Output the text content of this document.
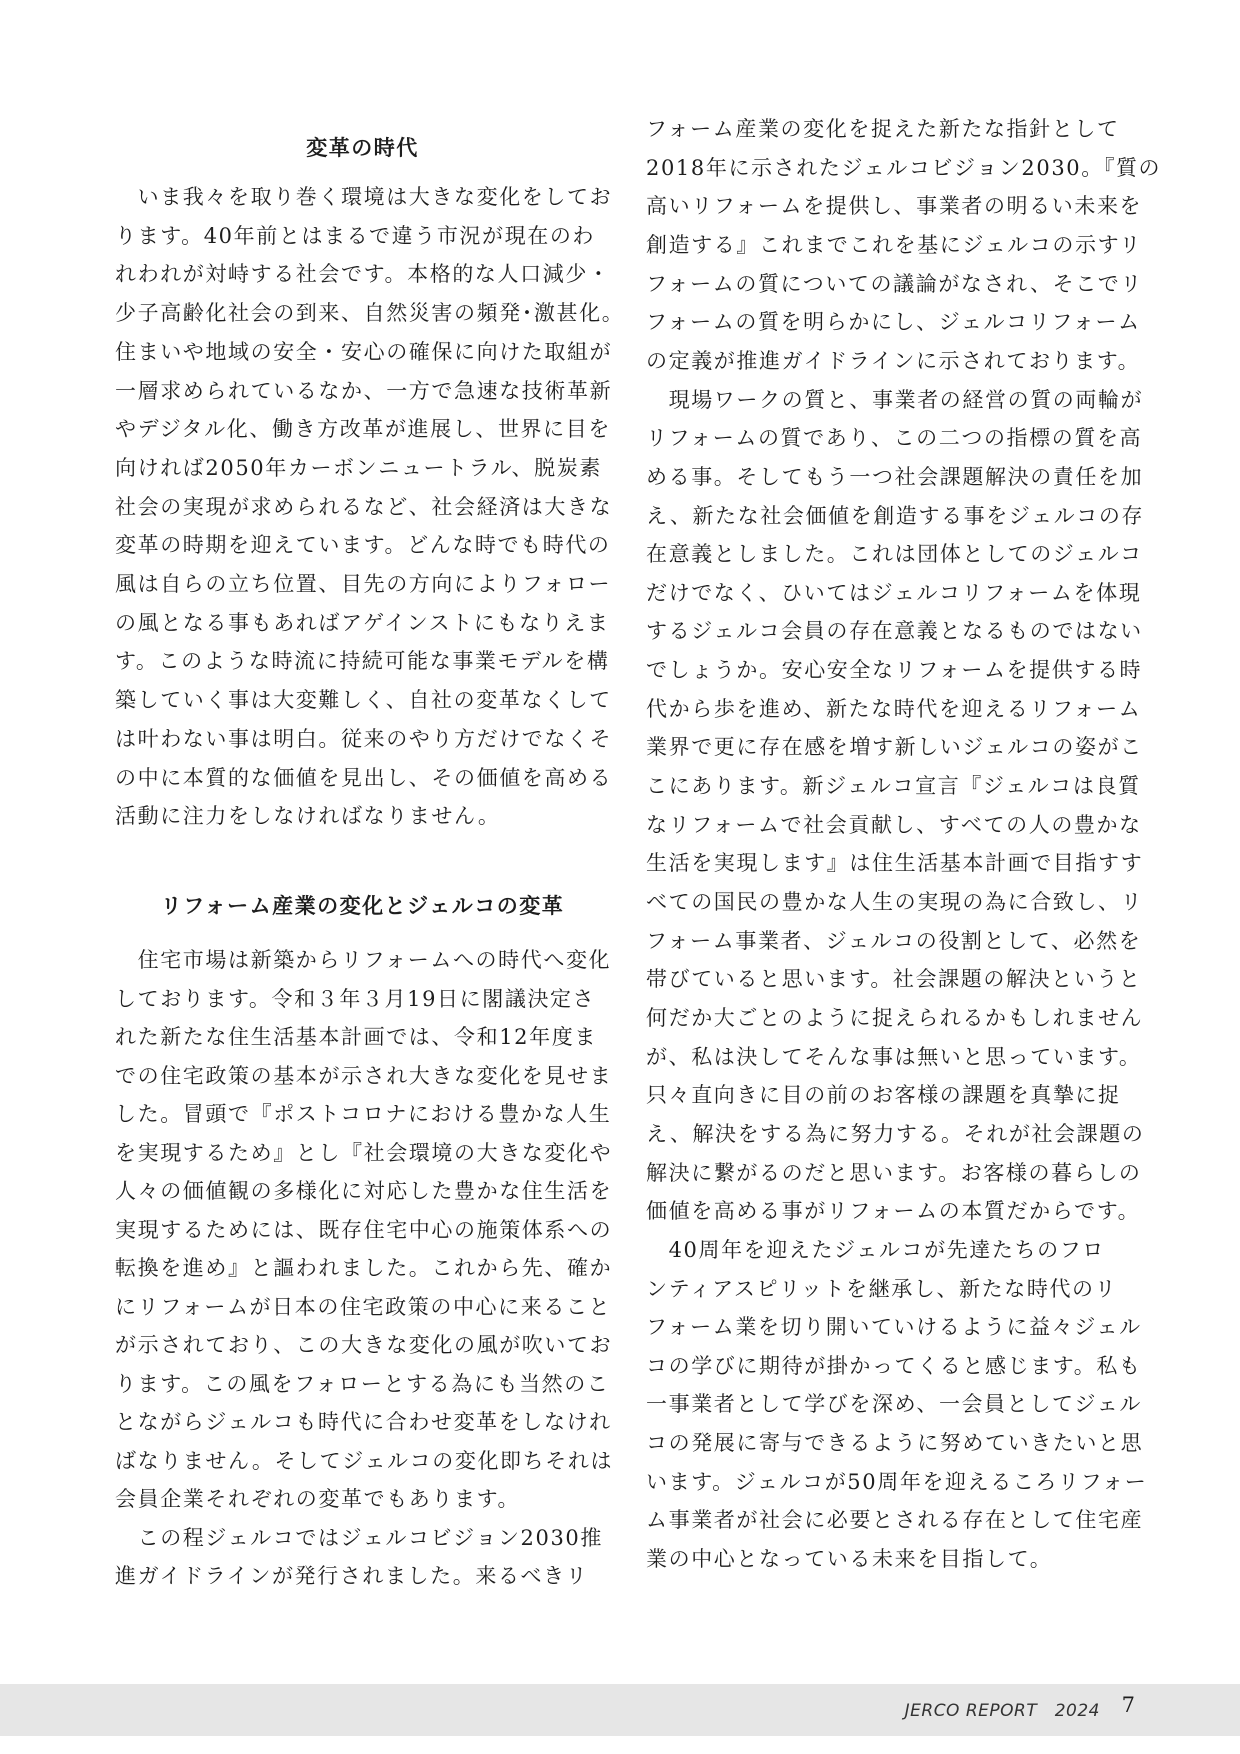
変革の時代

　いま我々を取り巻く環境は大きな変化をしてお

ります。40年前とはまるで違う市況が現在のわ

れわれが対峙する社会です。本格的な人口減少・

少子高齢化社会の到来、自然災害の頻発･激甚化。

住まいや地域の安全・安心の確保に向けた取組が

一層求められているなか、一方で急速な技術革新

やデジタル化、働き方改革が進展し、世界に目を

向ければ2050年カーボンニュートラル、脱炭素

社会の実現が求められるなど、社会経済は大きな

変革の時期を迎えています。どんな時でも時代の

風は自らの立ち位置、目先の方向によりフォロー

の風となる事もあればアゲインストにもなりえま

す。このような時流に持続可能な事業モデルを構

築していく事は大変難しく、自社の変革なくして

は叶わない事は明白。従来のやり方だけでなくそ

の中に本質的な価値を見出し、その価値を高める

活動に注力をしなければなりません。

リフォーム産業の変化とジェルコの変革

　住宅市場は新築からリフォームへの時代へ変化

しております。令和３年３月19日に閣議決定さ

れた新たな住生活基本計画では、令和12年度ま

での住宅政策の基本が示され大きな変化を見せま

した。冒頭で『ポストコロナにおける豊かな人生

を実現するため』とし『社会環境の大きな変化や

人々の価値観の多様化に対応した豊かな住生活を

実現するためには、既存住宅中心の施策体系への

転換を進め』と謳われました。これから先、確か

にリフォームが日本の住宅政策の中心に来ること

が示されており、この大きな変化の風が吹いてお

ります。この風をフォローとする為にも当然のこ

とながらジェルコも時代に合わせ変革をしなけれ

ばなりません。そしてジェルコの変化即ちそれは

会員企業それぞれの変革でもあります。

　この程ジェルコではジェルコビジョン2030推

進ガイドラインが発行されました。来るべきリ

フォーム産業の変化を捉えた新たな指針として

2018年に示されたジェルコビジョン2030。『質の

高いリフォームを提供し、事業者の明るい未来を

創造する』これまでこれを基にジェルコの示すリ

フォームの質についての議論がなされ、そこでリ

フォームの質を明らかにし、ジェルコリフォーム

の定義が推進ガイドラインに示されております。

　現場ワークの質と、事業者の経営の質の両輪が

リフォームの質であり、この二つの指標の質を高

める事。そしてもう一つ社会課題解決の責任を加

え、新たな社会価値を創造する事をジェルコの存

在意義としました。これは団体としてのジェルコ

だけでなく、ひいてはジェルコリフォームを体現

するジェルコ会員の存在意義となるものではない

でしょうか。安心安全なリフォームを提供する時

代から歩を進め、新たな時代を迎えるリフォーム

業界で更に存在感を増す新しいジェルコの姿がこ

こにあります。新ジェルコ宣言『ジェルコは良質

なリフォームで社会貢献し、すべての人の豊かな

生活を実現します』は住生活基本計画で目指すす

べての国民の豊かな人生の実現の為に合致し、リ

フォーム事業者、ジェルコの役割として、必然を

帯びていると思います。社会課題の解決というと

何だか大ごとのように捉えられるかもしれません

が、私は決してそんな事は無いと思っています。

只々直向きに目の前のお客様の課題を真摯に捉

え、解決をする為に努力する。それが社会課題の

解決に繋がるのだと思います。お客様の暮らしの

価値を高める事がリフォームの本質だからです。

　40周年を迎えたジェルコが先達たちのフロ

ンティアスピリットを継承し、新たな時代のリ

フォーム業を切り開いていけるように益々ジェル

コの学びに期待が掛かってくると感じます。私も

一事業者として学びを深め、一会員としてジェル

コの発展に寄与できるように努めていきたいと思

います。ジェルコが50周年を迎えるころリフォー

ム事業者が社会に必要とされる存在として住宅産

業の中心となっている未来を目指して。

JERCO REPORT　2024 7
